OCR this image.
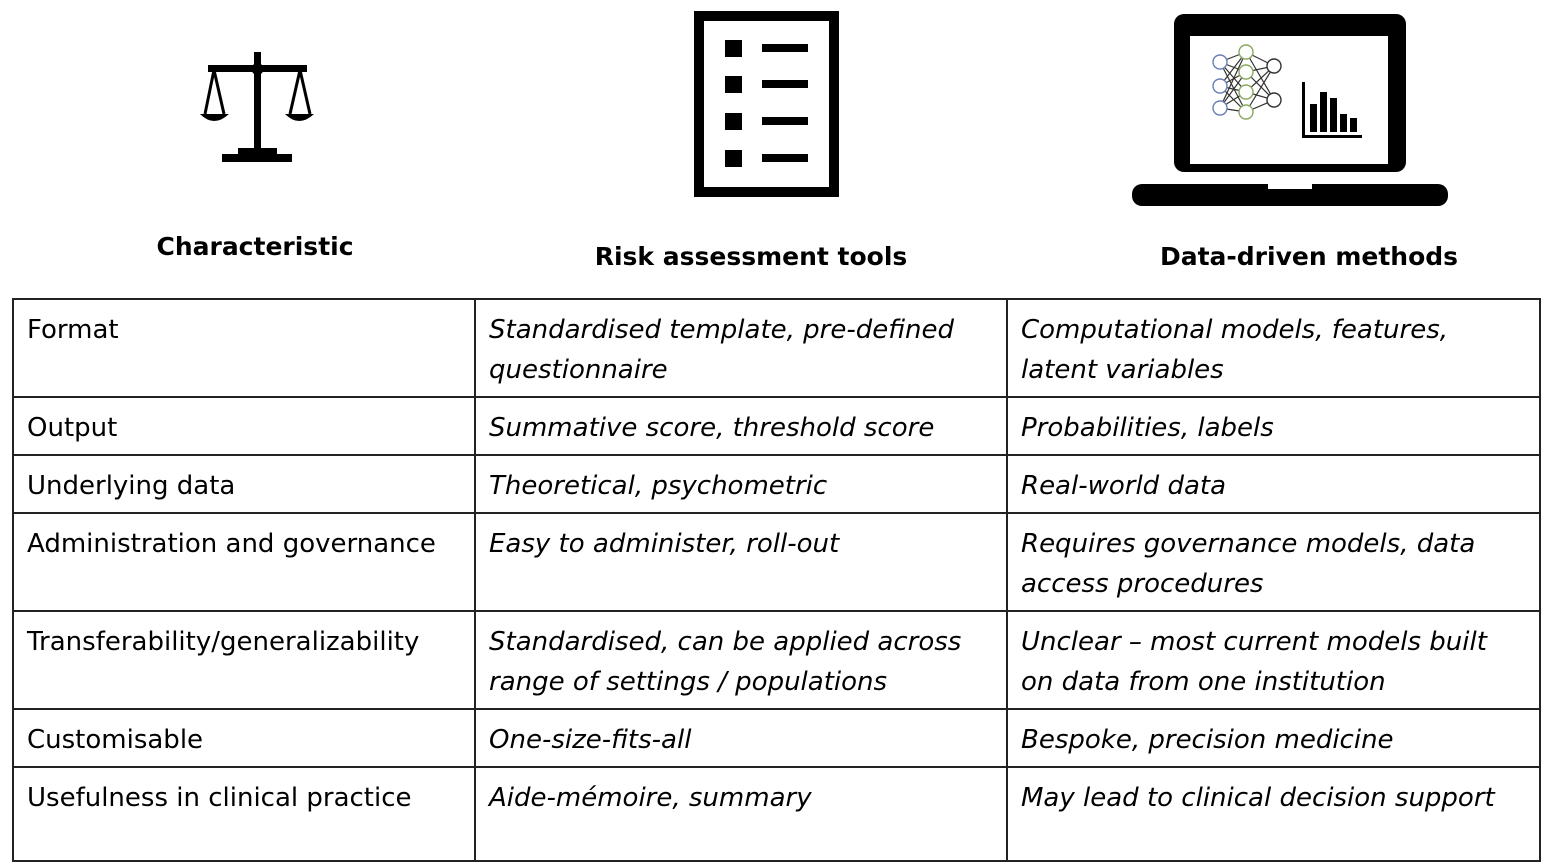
Characteristic	Risk assessment tools	Data-driven methods
Format	Standardised template, pre-defined questionnaire	Computational models, features, latent variables
Output	Summative score, threshold score	Probabilities, labels
Underlying data	Theoretical, psychometric	Real-world data
Administration and governance	Easy to administer, roll-out	Requires governance models, data access procedures
Transferability/generalizability	Standardised, can be applied across range of settings / populations	Unclear – most current models built on data from one institution
Customisable	One-size-fits-all	Bespoke, precision medicine
Usefulness in clinical practice	Aide-mémoire, summary	May lead to clinical decision support
